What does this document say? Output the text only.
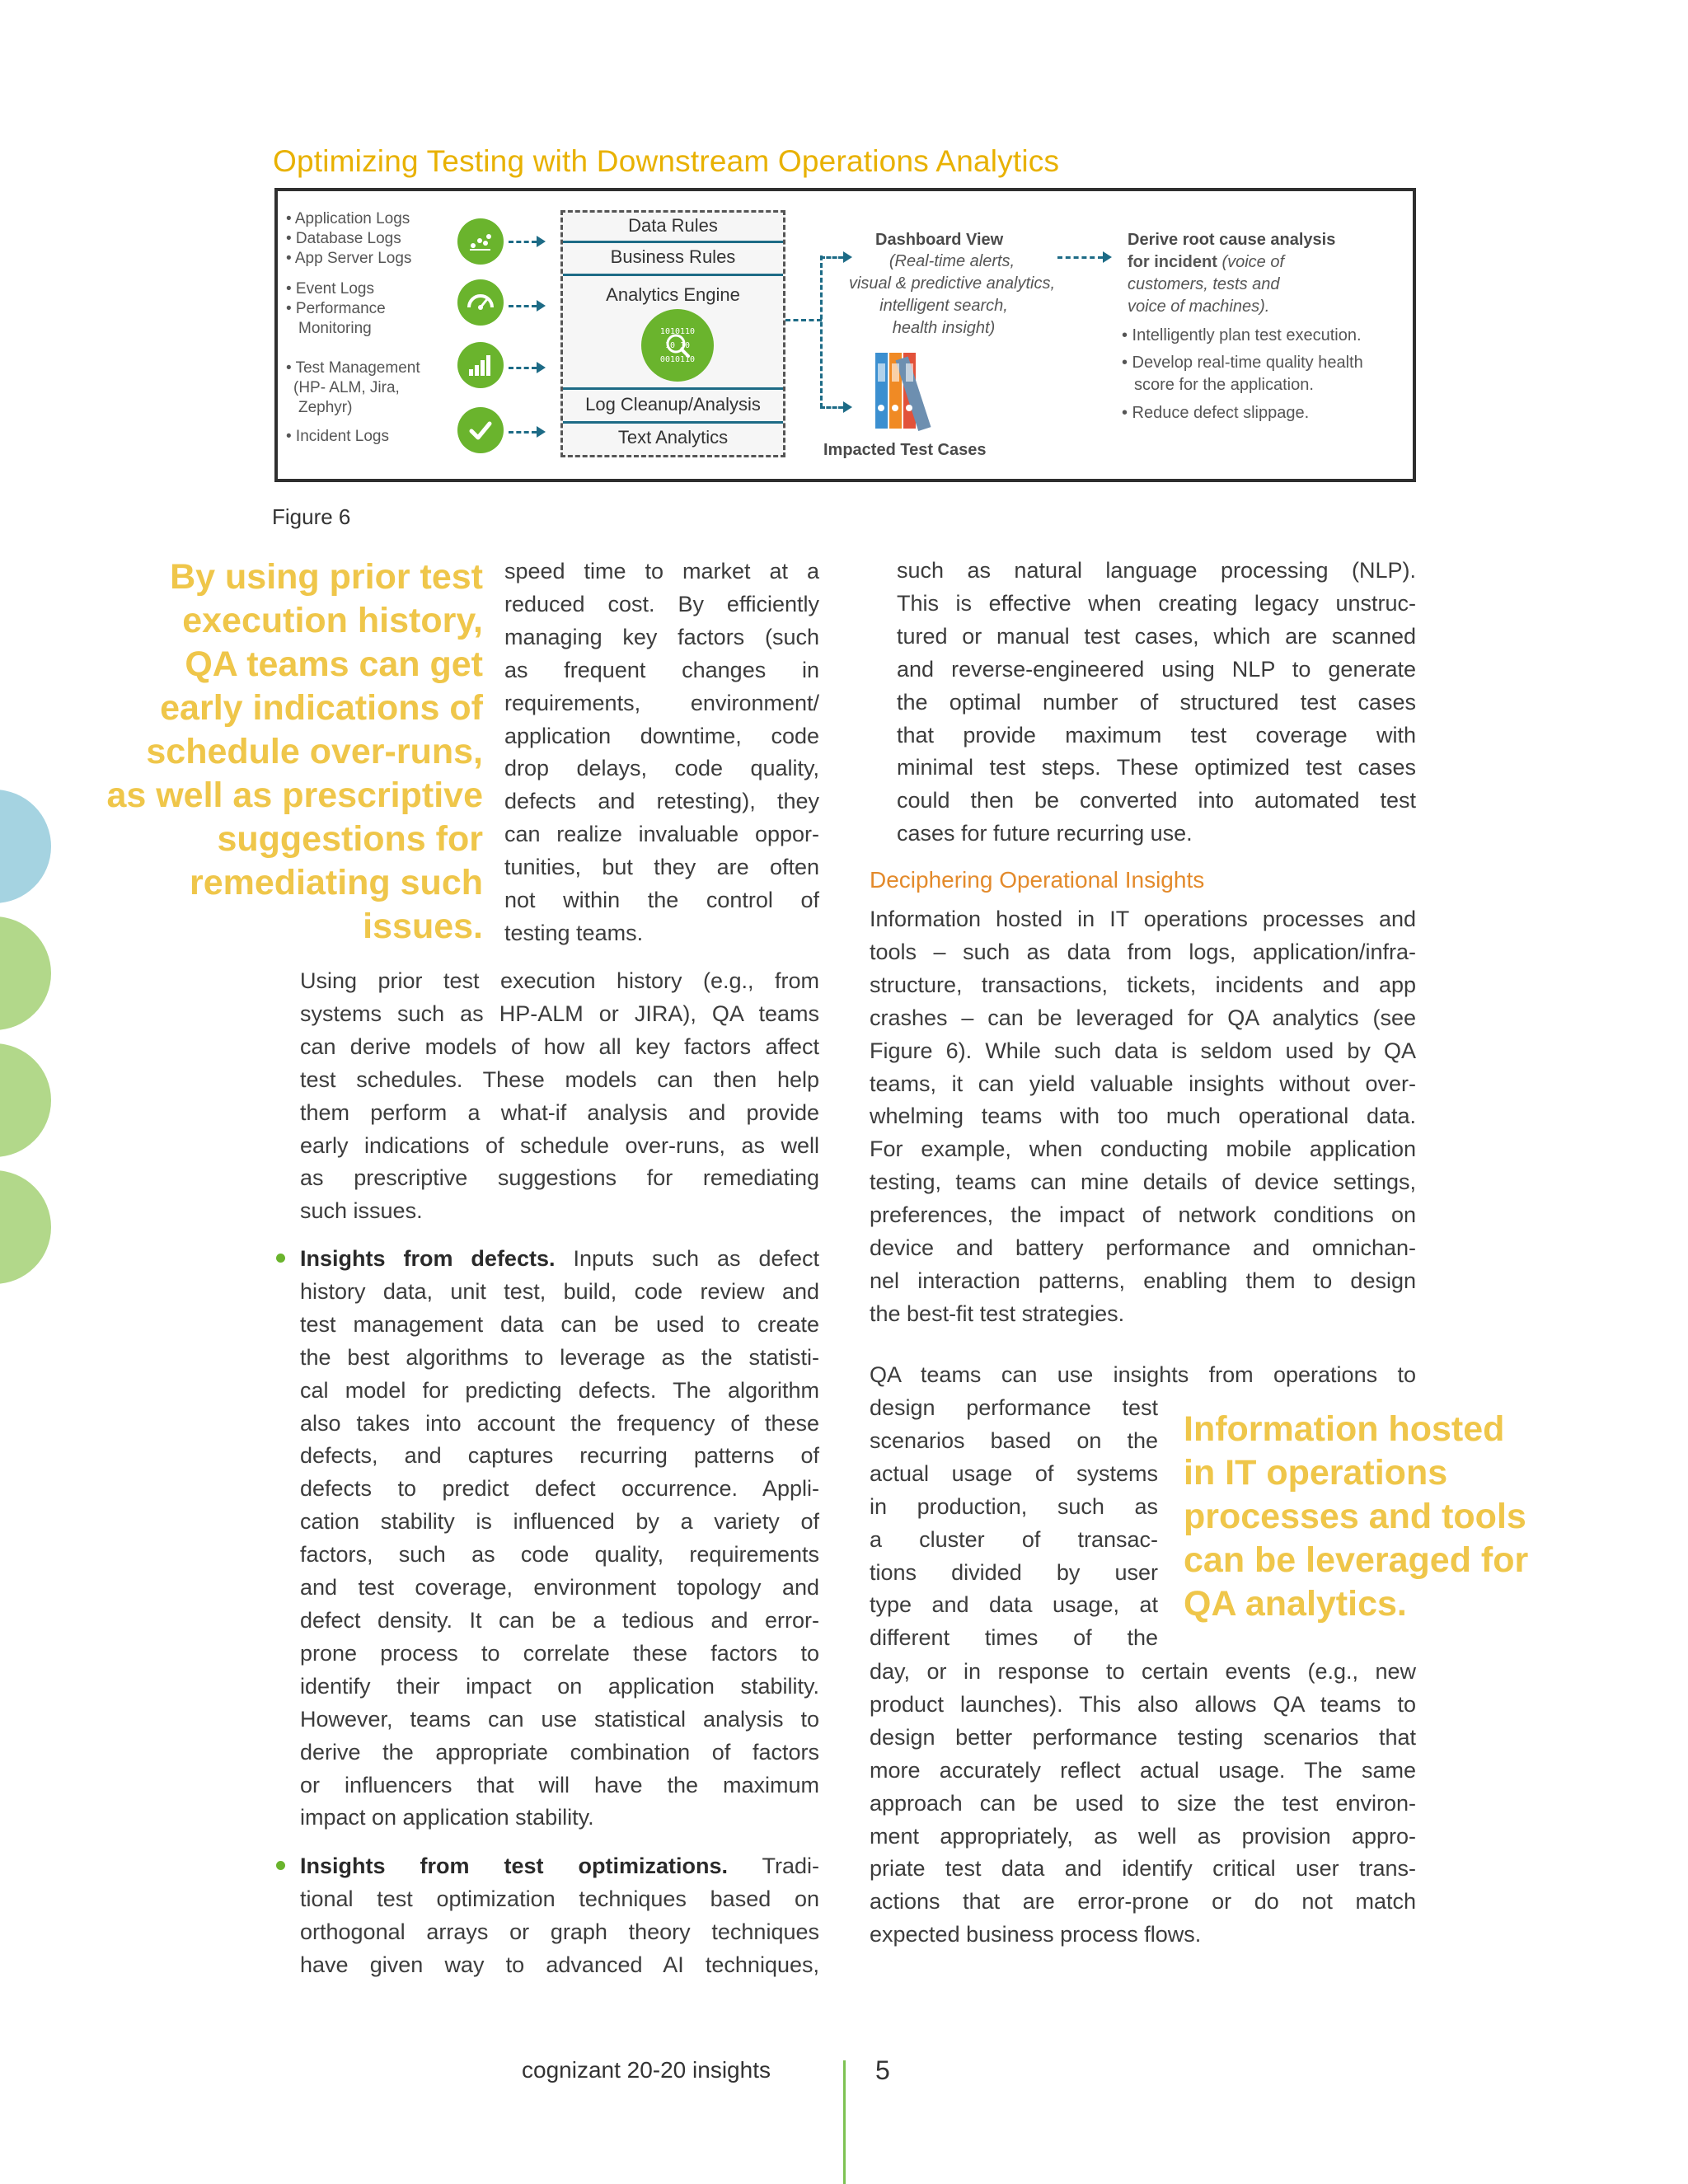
Optimizing Testing with Downstream Operations Analytics
• Application Logs
• Database Logs
• App Server Logs
• Event Logs
• Performance
Monitoring
• Test Management
(HP- ALM, Jira,
Zephyr)
• Incident Logs
Data Rules
Business Rules
Analytics Engine
1010110
10 10
0010110
Log Cleanup/Analysis
Text Analytics
Dashboard View
(Real-time alerts,
visual & predictive analytics,
intelligent search,
health insight)
Impacted Test Cases
Derive root cause analysis
for incident (voice of
customers, tests and
voice of machines).
• Intelligently plan test execution.
• Develop real-time quality health
score for the application.
• Reduce defect slippage.
Figure 6
By using prior test
execution history,
QA teams can get
early indications of
schedule over-runs,
as well as prescriptive
suggestions for
remediating such
issues.
speed time to market at a
reduced cost. By efficiently
managing key factors (such
as frequent changes in
requirements, environment/
application downtime, code
drop delays, code quality,
defects and retesting), they
can realize invaluable oppor-
tunities, but they are often
not within the control of
testing teams.
Using prior test execution history (e.g., from
systems such as HP-ALM or JIRA), QA teams
can derive models of how all key factors affect
test schedules. These models can then help
them perform a what-if analysis and provide
early indications of schedule over-runs, as well
as prescriptive suggestions for remediating
such issues.
Insights from defects. Inputs such as defect
history data, unit test, build, code review and
test management data can be used to create
the best algorithms to leverage as the statisti-
cal model for predicting defects. The algorithm
also takes into account the frequency of these
defects, and captures recurring patterns of
defects to predict defect occurrence. Appli-
cation stability is influenced by a variety of
factors, such as code quality, requirements
and test coverage, environment topology and
defect density. It can be a tedious and error-
prone process to correlate these factors to
identify their impact on application stability.
However, teams can use statistical analysis to
derive the appropriate combination of factors
or influencers that will have the maximum
impact on application stability.
Insights from test optimizations. Tradi-
tional test optimization techniques based on
orthogonal arrays or graph theory techniques
have given way to advanced AI techniques,
such as natural language processing (NLP).
This is effective when creating legacy unstruc-
tured or manual test cases, which are scanned
and reverse-engineered using NLP to generate
the optimal number of structured test cases
that provide maximum test coverage with
minimal test steps. These optimized test cases
could then be converted into automated test
cases for future recurring use.
Deciphering Operational Insights
Information hosted in IT operations processes and
tools – such as data from logs, application/infra-
structure, transactions, tickets, incidents and app
crashes – can be leveraged for QA analytics (see
Figure 6). While such data is seldom used by QA
teams, it can yield valuable insights without over-
whelming teams with too much operational data.
For example, when conducting mobile application
testing, teams can mine details of device settings,
preferences, the impact of network conditions on
device and battery performance and omnichan-
nel interaction patterns, enabling them to design
the best-fit test strategies.
QA teams can use insights from operations to
design performance test
scenarios based on the
actual usage of systems
in production, such as
a cluster of transac-
tions divided by user
type and data usage, at
different times of the
Information hosted
in IT operations
processes and tools
can be leveraged for
QA analytics.
day, or in response to certain events (e.g., new
product launches). This also allows QA teams to
design better performance testing scenarios that
more accurately reflect actual usage. The same
approach can be used to size the test environ-
ment appropriately, as well as provision appro-
priate test data and identify critical user trans-
actions that are error-prone or do not match
expected business process flows.
cognizant 20-20 insights	5
